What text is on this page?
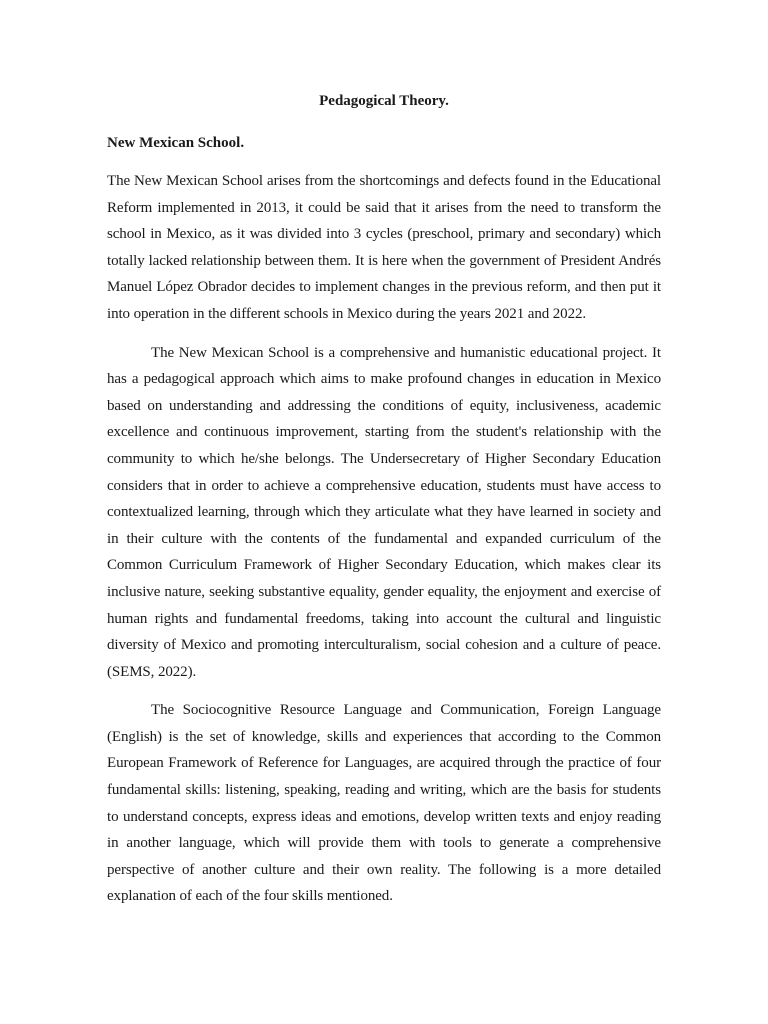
Pedagogical Theory.
New Mexican School.

The New Mexican School arises from the shortcomings and defects found in the Educational Reform implemented in 2013, it could be said that it arises from the need to transform the school in Mexico, as it was divided into 3 cycles (preschool, primary and secondary) which totally lacked relationship between them. It is here when the government of President Andrés Manuel López Obrador decides to implement changes in the previous reform, and then put it into operation in the different schools in Mexico during the years 2021 and 2022.

The New Mexican School is a comprehensive and humanistic educational project. It has a pedagogical approach which aims to make profound changes in education in Mexico based on understanding and addressing the conditions of equity, inclusiveness, academic excellence and continuous improvement, starting from the student's relationship with the community to which he/she belongs. The Undersecretary of Higher Secondary Education considers that in order to achieve a comprehensive education, students must have access to contextualized learning, through which they articulate what they have learned in society and in their culture with the contents of the fundamental and expanded curriculum of the Common Curriculum Framework of Higher Secondary Education, which makes clear its inclusive nature, seeking substantive equality, gender equality, the enjoyment and exercise of human rights and fundamental freedoms, taking into account the cultural and linguistic diversity of Mexico and promoting interculturalism, social cohesion and a culture of peace. (SEMS, 2022).

The Sociocognitive Resource Language and Communication, Foreign Language (English) is the set of knowledge, skills and experiences that according to the Common European Framework of Reference for Languages, are acquired through the practice of four fundamental skills: listening, speaking, reading and writing, which are the basis for students to understand concepts, express ideas and emotions, develop written texts and enjoy reading in another language, which will provide them with tools to generate a comprehensive perspective of another culture and their own reality. The following is a more detailed explanation of each of the four skills mentioned.
